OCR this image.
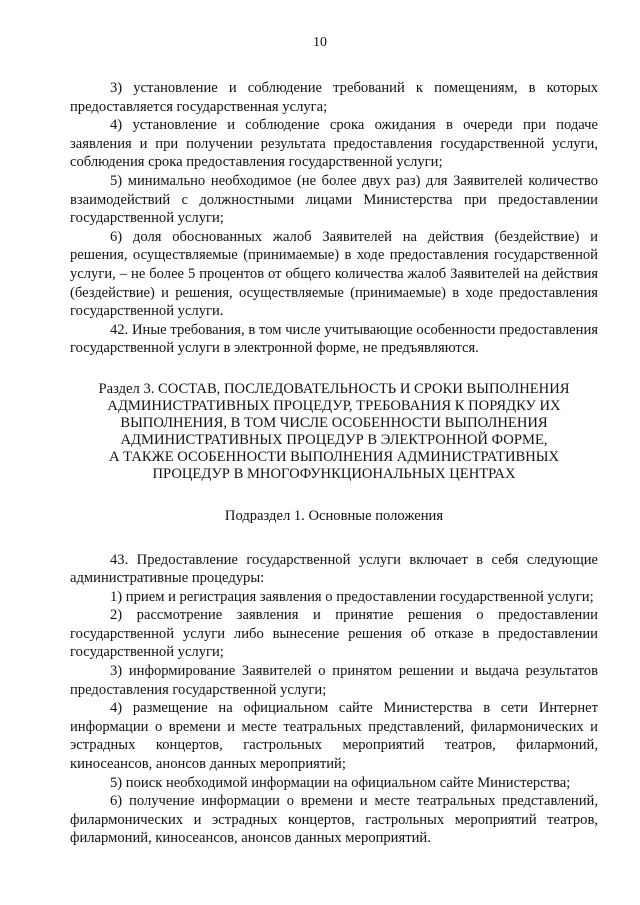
10

3) установление и соблюдение требований к помещениям, в которых предоставляется государственная услуга;

4) установление и соблюдение срока ожидания в очереди при подаче заявления и при получении результата предоставления государственной услуги, соблюдения срока предоставления государственной услуги;

5) минимально необходимое (не более двух раз) для Заявителей количество взаимодействий с должностными лицами Министерства при предоставлении государственной услуги;

6) доля обоснованных жалоб Заявителей на действия (бездействие) и решения, осуществляемые (принимаемые) в ходе предоставления государственной услуги, – не более 5 процентов от общего количества жалоб Заявителей на действия (бездействие) и решения, осуществляемые (принимаемые) в ходе предоставления государственной услуги.

42. Иные требования, в том числе учитывающие особенности предоставления государственной услуги в электронной форме, не предъявляются.

Раздел 3. СОСТАВ, ПОСЛЕДОВАТЕЛЬНОСТЬ И СРОКИ ВЫПОЛНЕНИЯ
АДМИНИСТРАТИВНЫХ ПРОЦЕДУР, ТРЕБОВАНИЯ К ПОРЯДКУ ИХ
ВЫПОЛНЕНИЯ, В ТОМ ЧИСЛЕ ОСОБЕННОСТИ ВЫПОЛНЕНИЯ
АДМИНИСТРАТИВНЫХ ПРОЦЕДУР В ЭЛЕКТРОННОЙ ФОРМЕ,
А ТАКЖЕ ОСОБЕННОСТИ ВЫПОЛНЕНИЯ АДМИНИСТРАТИВНЫХ
ПРОЦЕДУР В МНОГОФУНКЦИОНАЛЬНЫХ ЦЕНТРАХ
Подраздел 1. Основные положения

43. Предоставление государственной услуги включает в себя следующие административные процедуры:

1) прием и регистрация заявления о предоставлении государственной услуги;

2) рассмотрение заявления и принятие решения о предоставлении государственной услуги либо вынесение решения об отказе в предоставлении государственной услуги;

3) информирование Заявителей о принятом решении и выдача результатов предоставления государственной услуги;

4) размещение на официальном сайте Министерства в сети Интернет информации о времени и месте театральных представлений, филармонических и эстрадных концертов, гастрольных мероприятий театров, филармоний, киносеансов, анонсов данных мероприятий;

5) поиск необходимой информации на официальном сайте Министерства;

6) получение информации о времени и месте театральных представлений, филармонических и эстрадных концертов, гастрольных мероприятий театров, филармоний, киносеансов, анонсов данных мероприятий.
